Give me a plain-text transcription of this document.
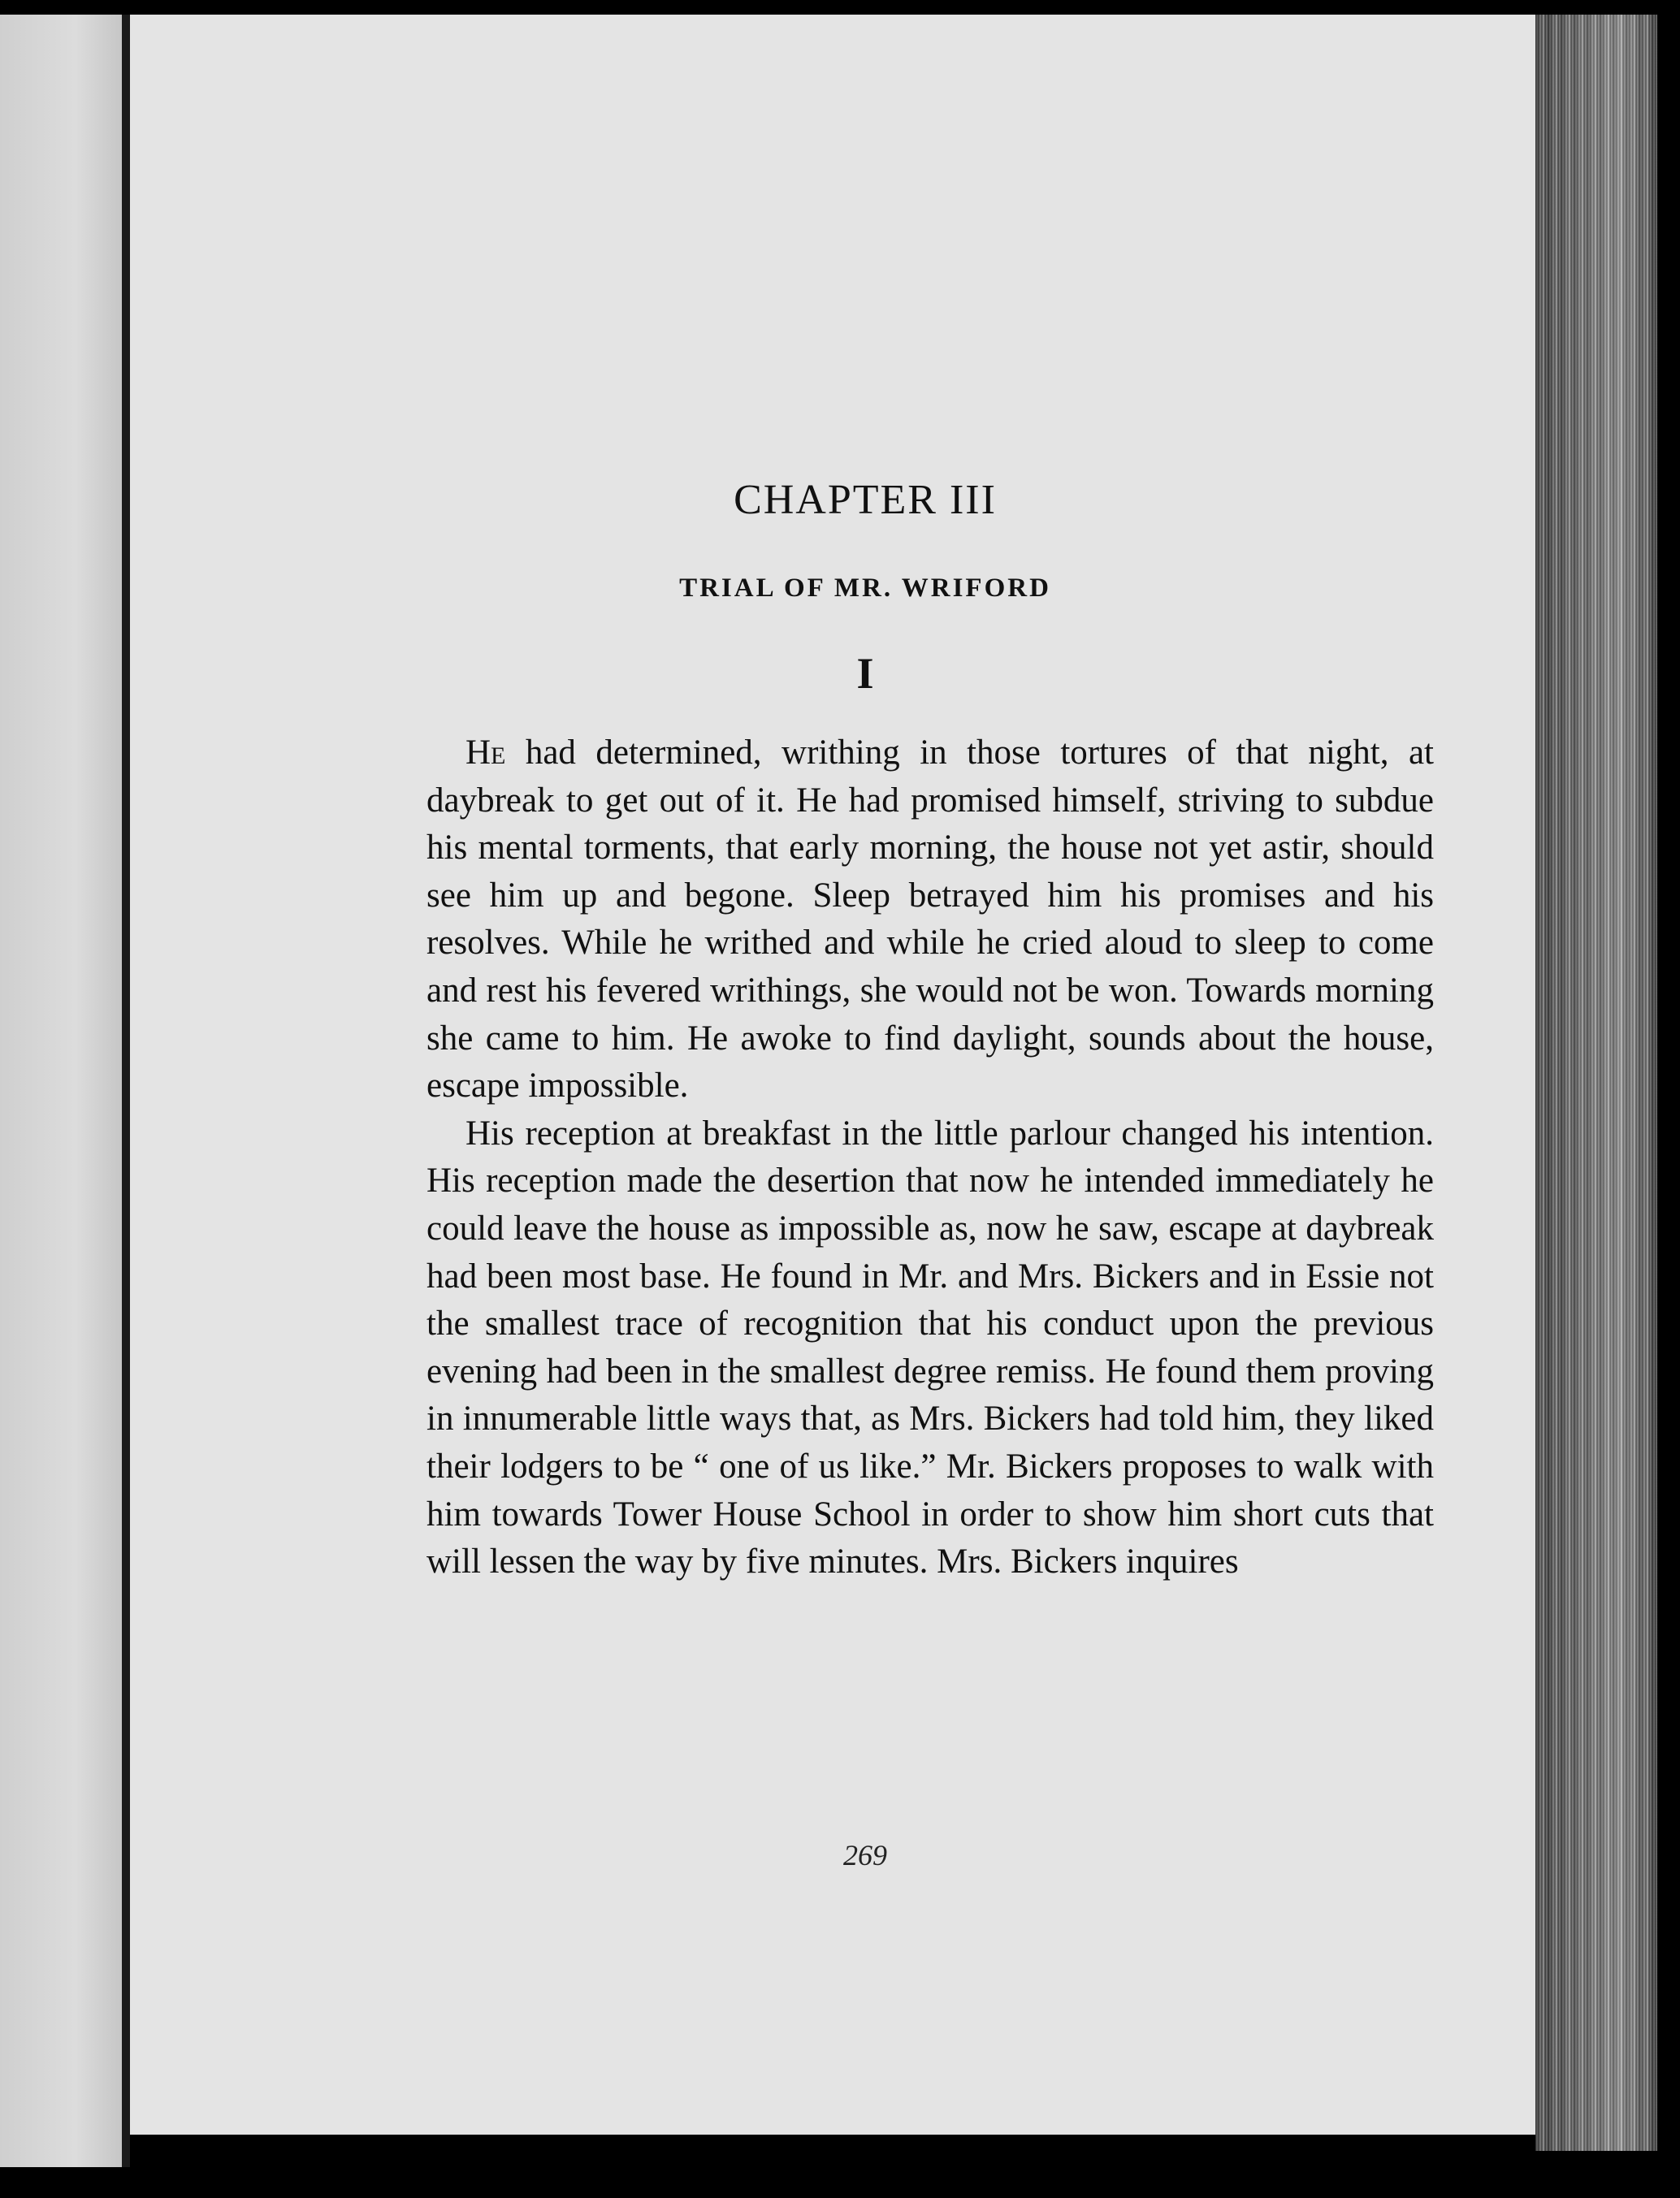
CHAPTER III
TRIAL OF MR. WRIFORD
I

He had determined, writhing in those tortures of that night, at daybreak to get out of it. He had promised himself, striving to subdue his mental torments, that early morning, the house not yet astir, should see him up and begone. Sleep betrayed him his promises and his resolves. While he writhed and while he cried aloud to sleep to come and rest his fevered writhings, she would not be won. Towards morning she came to him. He awoke to find daylight, sounds about the house, escape impossible.

His reception at breakfast in the little parlour changed his intention. His reception made the desertion that now he intended immediately he could leave the house as impossible as, now he saw, escape at daybreak had been most base. He found in Mr. and Mrs. Bickers and in Essie not the smallest trace of recognition that his conduct upon the previous evening had been in the smallest degree remiss. He found them proving in innumerable little ways that, as Mrs. Bickers had told him, they liked their lodgers to be “ one of us like.” Mr. Bickers proposes to walk with him towards Tower House School in order to show him short cuts that will lessen the way by five minutes. Mrs. Bickers inquires

269
